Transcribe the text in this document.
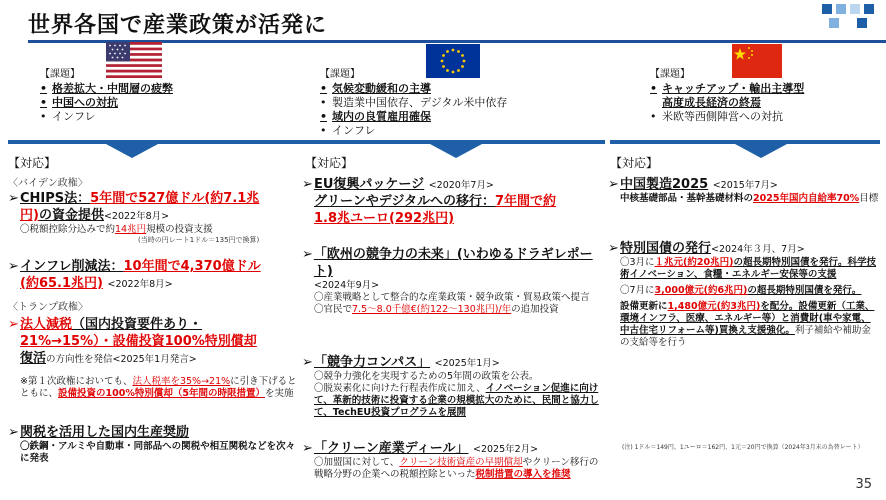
世界各国で産業政策が活発に
【課題】
• 格差拡大・中間層の疲弊
• 中国への対抗
• インフレ
【課題】
• 気候変動緩和の主導
• 製造業中国依存、デジタル米中依存
• 域内の良質雇用確保
• インフレ
【課題】
• キャッチアップ・輸出主導型
高度成長経済の終焉
• 米欧等西側陣営への対抗
【対応】	【対応】	【対応】
〈バイデン政権〉
➢CHIPS法：5年間で527億ドル(約7.1兆
円)の資金提供<2022年8月>
〇税額控除分込みで約14兆円規模の投資支援
(当時の円レート1ドル＝135円で換算)
➢インフレ削減法：10年間で4,370億ドル
(約65.1兆円) <2022年8月>
〈トランプ政権〉
➢法人減税（国内投資要件あり・
21%→15%）・設備投資100%特別償却
復活の方向性を発信<2025年1月発言>
※第１次政権においても、法人税率を35%→21%に引き下げるとともに、設備投資の100%特別償却（5年間の時限措置）を実施
➢関税を活用した国内生産奨励
〇鉄鋼・アルミや自動車・同部品への関税や相互関税などを次々に発表
➢EU復興パッケージ <2020年7月>
グリーンやデジタルへの移行：7年間で約
1.8兆ユーロ(292兆円)
➢ 「欧州の競争力の未来」(いわゆるドラギレポート)
<2024年9月>
〇産業戦略として整合的な産業政策・競争政策・貿易政策へ提言
〇官民で7.5～8.0千億€(約122～130兆円)/年の追加投資
➢「競争力コンパス」 <2025年1月>
〇競争力強化を実現するための5年間の政策を公表。
〇脱炭素化に向けた行程表作成に加え、イノベーション促進に向けて、革新的技術に投資する企業の規模拡大のために、民間と協力して、TechEU投資プログラムを展開
➢「クリーン産業ディール」 <2025年2月>
〇加盟国に対して、クリーン技術資産の早期償却やクリーン移行の戦略分野の企業への税額控除といった税制措置の導入を推奨
➢中国製造2025 <2015年7月>
中核基礎部品・基幹基礎材料の2025年国内自給率70%目標
➢特別国債の発行<2024年３月、7月>
〇3月に１兆元(約20兆円)の超長期特別国債を発行。科学技術イノベーション、食糧・エネルギー安保等の支援
〇7月に3,000億元(約6兆円)の超長期特別国債を発行。
設備更新に1,480億元(約3兆円)を配分。設備更新（工業、環境インフラ、医療、エネルギー等）と消費財(車や家電、中古住宅リフォーム等)買換え支援強化。利子補給や補助金の支給等を行う
(注) 1ドル＝149円、1ユーロ＝162円、1元＝20円で換算（2024年3月末の為替レート）
35
